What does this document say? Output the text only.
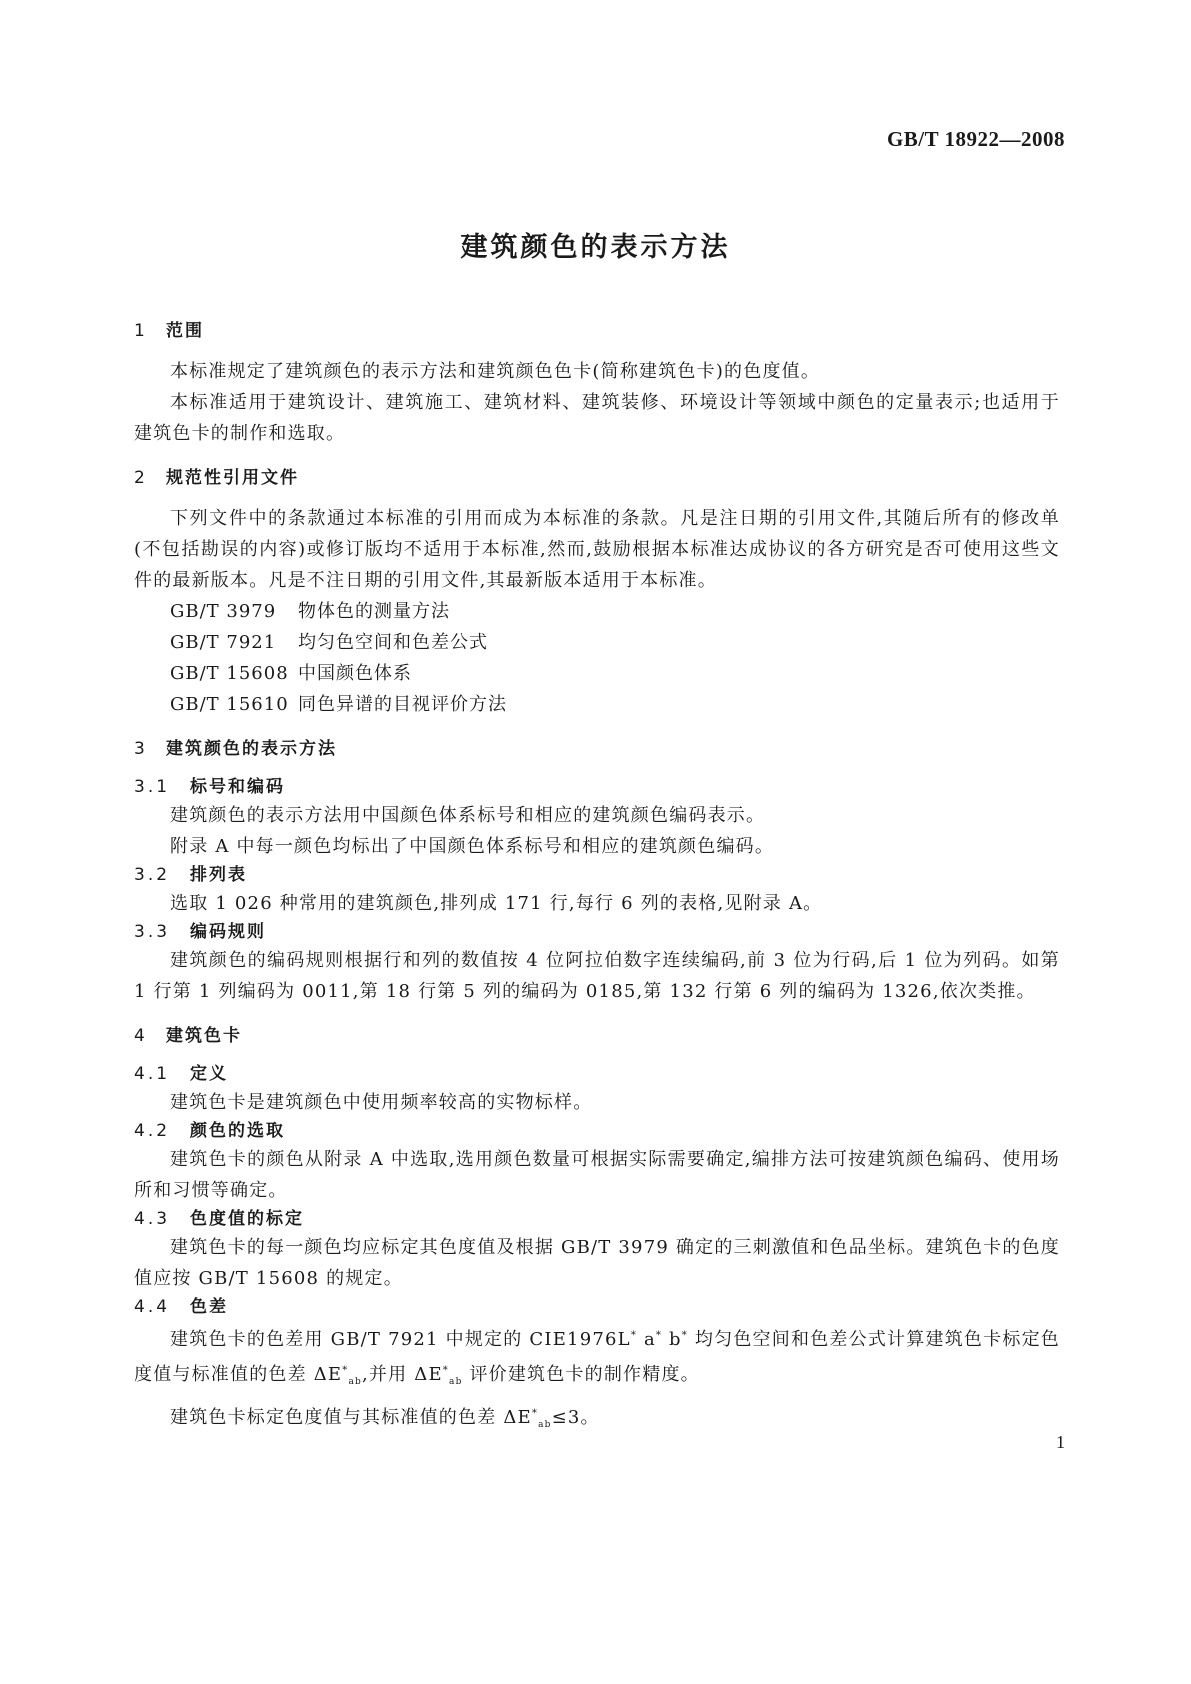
GB/T 18922—2008
建筑颜色的表示方法
1 范围

本标准规定了建筑颜色的表示方法和建筑颜色色卡(简称建筑色卡)的色度值。

本标准适用于建筑设计、建筑施工、建筑材料、建筑装修、环境设计等领域中颜色的定量表示;也适用于建筑色卡的制作和选取。

2 规范性引用文件

下列文件中的条款通过本标准的引用而成为本标准的条款。凡是注日期的引用文件,其随后所有的修改单(不包括勘误的内容)或修订版均不适用于本标准,然而,鼓励根据本标准达成协议的各方研究是否可使用这些文件的最新版本。凡是不注日期的引用文件,其最新版本适用于本标准。

GB/T 3979 物体色的测量方法
GB/T 7921 均匀色空间和色差公式
GB/T 15608 中国颜色体系
GB/T 15610 同色异谱的目视评价方法
3 建筑颜色的表示方法
3.1 标号和编码

建筑颜色的表示方法用中国颜色体系标号和相应的建筑颜色编码表示。

附录 A 中每一颜色均标出了中国颜色体系标号和相应的建筑颜色编码。

3.2 排列表

选取 1 026 种常用的建筑颜色,排列成 171 行,每行 6 列的表格,见附录 A。

3.3 编码规则

建筑颜色的编码规则根据行和列的数值按 4 位阿拉伯数字连续编码,前 3 位为行码,后 1 位为列码。如第 1 行第 1 列编码为 0011,第 18 行第 5 列的编码为 0185,第 132 行第 6 列的编码为 1326,依次类推。

4 建筑色卡
4.1 定义

建筑色卡是建筑颜色中使用频率较高的实物标样。

4.2 颜色的选取

建筑色卡的颜色从附录 A 中选取,选用颜色数量可根据实际需要确定,编排方法可按建筑颜色编码、使用场所和习惯等确定。

4.3 色度值的标定

建筑色卡的每一颜色均应标定其色度值及根据 GB/T 3979 确定的三刺激值和色品坐标。建筑色卡的色度值应按 GB/T 15608 的规定。

4.4 色差

建筑色卡的色差用 GB/T 7921 中规定的 CIE1976L* a* b* 均匀色空间和色差公式计算建筑色卡标定色度值与标准值的色差 $\Delta E^*_{ab}$,并用 $\Delta E^*_{ab}$ 评价建筑色卡的制作精度。

建筑色卡标定色度值与其标准值的色差 $\Delta E^*_{ab}\le 3$。

1
